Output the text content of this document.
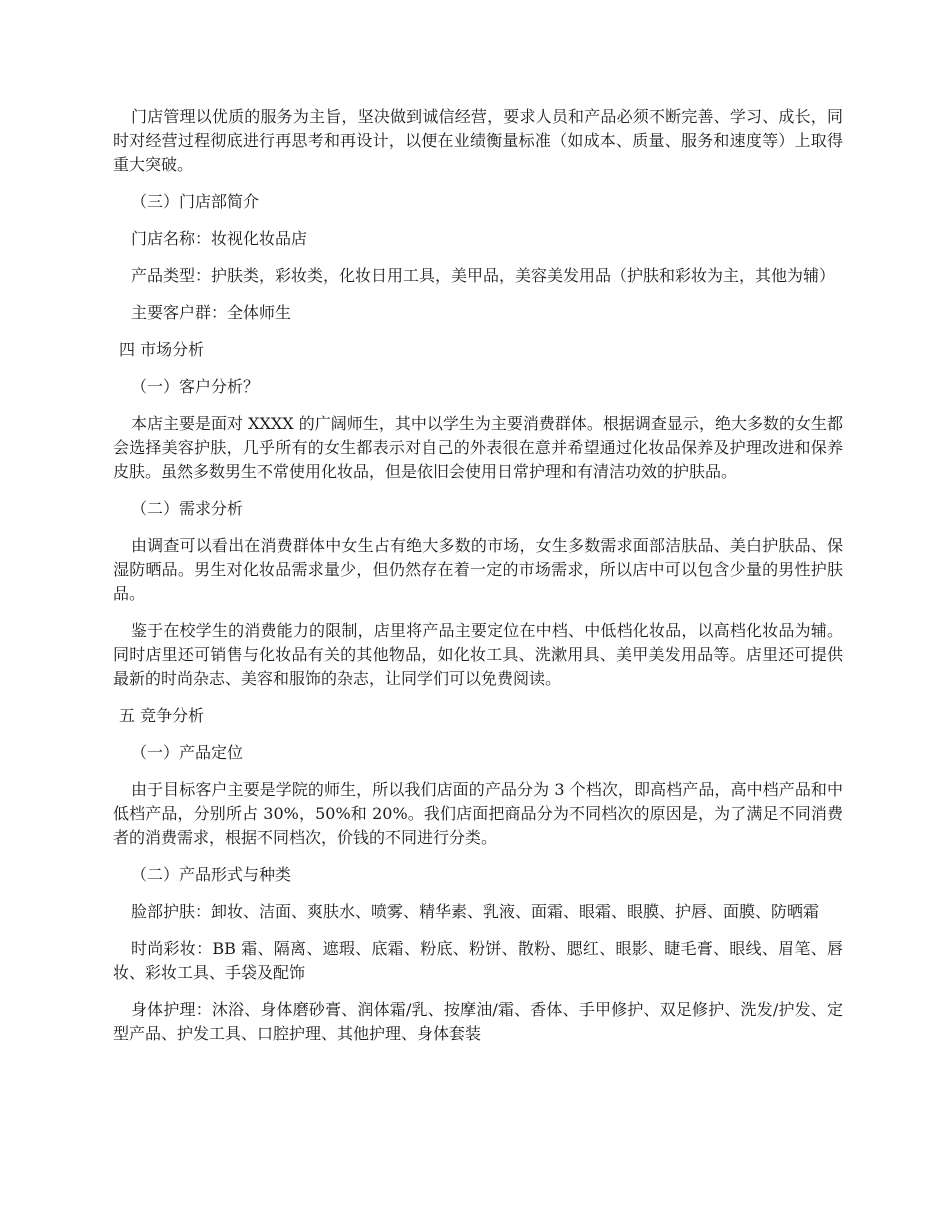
门店管理以优质的服务为主旨，坚决做到诚信经营，要求人员和产品必须不断完善、学习、成长，同时对经营过程彻底进行再思考和再设计，以便在业绩衡量标准（如成本、质量、服务和速度等）上取得重大突破。

（三）门店部简介

门店名称：妆视化妆品店

产品类型：护肤类，彩妆类，化妆日用工具，美甲品，美容美发用品（护肤和彩妆为主，其他为辅）

主要客户群：全体师生

四 市场分析

（一）客户分析？

本店主要是面对 XXXX 的广阔师生，其中以学生为主要消费群体。根据调查显示，绝大多数的女生都会选择美容护肤，几乎所有的女生都表示对自己的外表很在意并希望通过化妆品保养及护理改进和保养皮肤。虽然多数男生不常使用化妆品，但是依旧会使用日常护理和有清洁功效的护肤品。

（二）需求分析

由调查可以看出在消费群体中女生占有绝大多数的市场，女生多数需求面部洁肤品、美白护肤品、保湿防晒品。男生对化妆品需求量少，但仍然存在着一定的市场需求，所以店中可以包含少量的男性护肤品。

鉴于在校学生的消费能力的限制，店里将产品主要定位在中档、中低档化妆品，以高档化妆品为辅。同时店里还可销售与化妆品有关的其他物品，如化妆工具、洗漱用具、美甲美发用品等。店里还可提供最新的时尚杂志、美容和服饰的杂志，让同学们可以免费阅读。

五 竞争分析

（一）产品定位

由于目标客户主要是学院的师生，所以我们店面的产品分为 3 个档次，即高档产品，高中档产品和中低档产品，分别所占 30%，50%和 20%。我们店面把商品分为不同档次的原因是，为了满足不同消费者的消费需求，根据不同档次，价钱的不同进行分类。

（二）产品形式与种类

脸部护肤：卸妆、洁面、爽肤水、喷雾、精华素、乳液、面霜、眼霜、眼膜、护唇、面膜、防晒霜

时尚彩妆：BB 霜、隔离、遮瑕、底霜、粉底、粉饼、散粉、腮红、眼影、睫毛膏、眼线、眉笔、唇妆、彩妆工具、手袋及配饰

身体护理：沐浴、身体磨砂膏、润体霜/乳、按摩油/霜、香体、手甲修护、双足修护、洗发/护发、定型产品、护发工具、口腔护理、其他护理、身体套装
